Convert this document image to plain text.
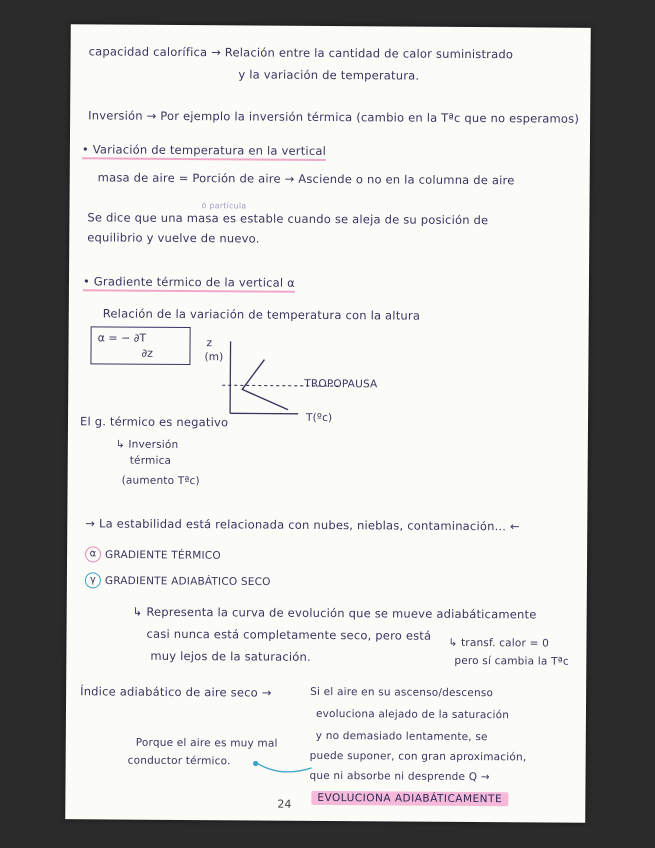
capacidad calorífica → Relación entre la cantidad de calor suministrado
y la variación de temperatura.
Inversión → Por ejemplo la inversión térmica (cambio en la Tªc que no esperamos)
• Variación de temperatura en la vertical
masa de aire = Porción de aire → Asciende o no en la columna de aire
ó partícula
Se dice que una masa es estable cuando se aleja de su posición de
equilibrio y vuelve de nuevo.
• Gradiente térmico de la vertical α
Relación de la variación de temperatura con la altura
α = − ∂T
∂z
z
(m)
TROPOPAUSA
T(ºc)
El g. térmico es negativo
↳ Inversión
térmica
(aumento Tªc)
→ La estabilidad está relacionada con nubes, nieblas, contaminación... ←
α GRADIENTE TÉRMICO
γ GRADIENTE ADIABÁTICO SECO
↳ Representa la curva de evolución que se mueve adiabáticamente
casi nunca está completamente seco, pero está
muy lejos de la saturación.
↳ transf. calor = 0
pero sí cambia la Tªc
Índice adiabático de aire seco →	Si el aire en su ascenso/descenso
evoluciona alejado de la saturación
y no demasiado lentamente, se
puede suponer, con gran aproximación,
que ni absorbe ni desprende Q →
Porque el aire es muy mal
conductor térmico.
EVOLUCIONA ADIABÁTICAMENTE
24
